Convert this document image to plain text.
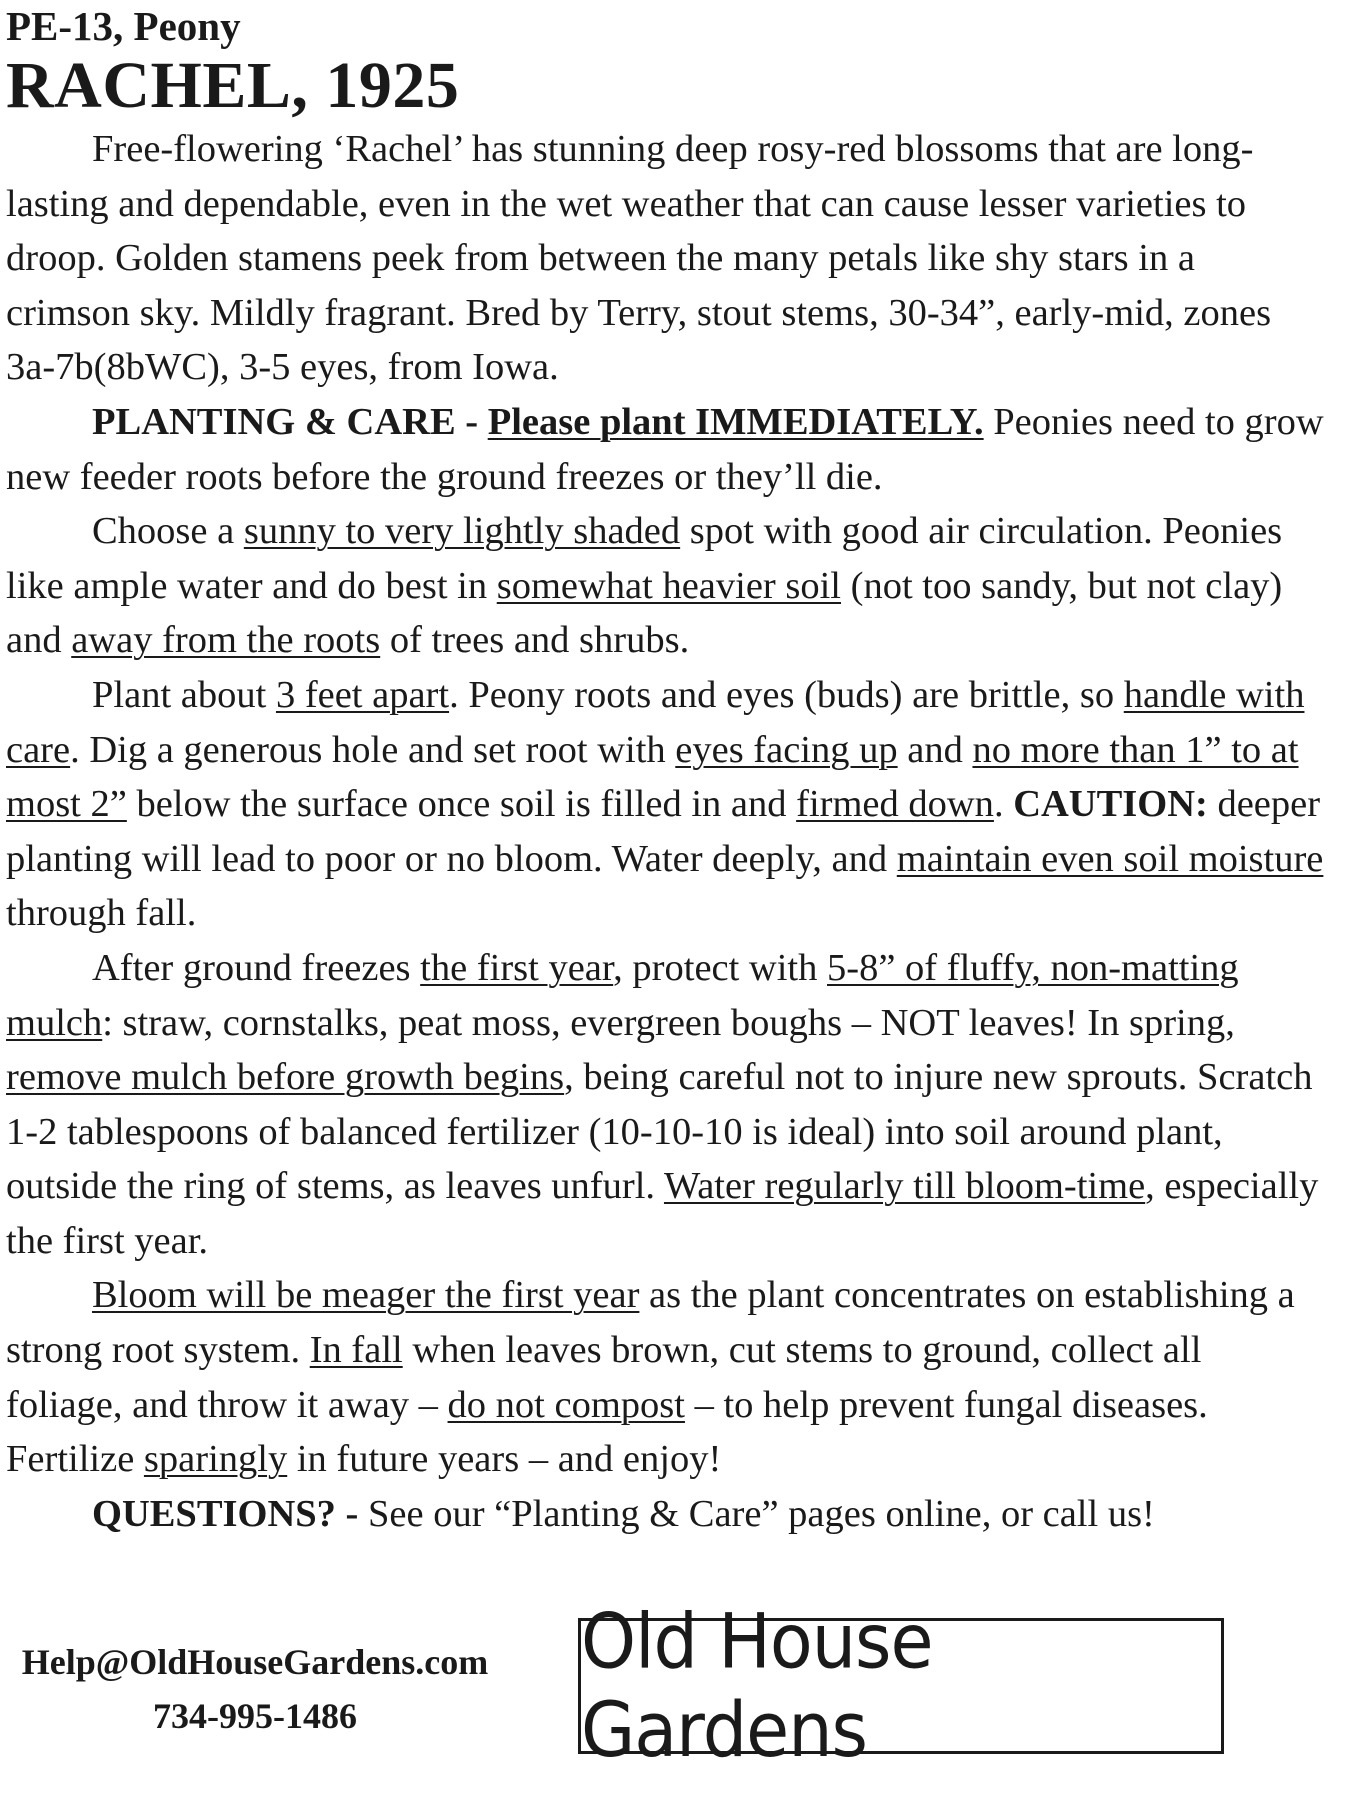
PE-13, Peony
RACHEL, 1925

Free-flowering ‘Rachel’ has stunning deep rosy-red blossoms that are long-lasting and dependable, even in the wet weather that can cause lesser varieties to droop. Golden stamens peek from between the many petals like shy stars in a crimson sky. Mildly fragrant. Bred by Terry, stout stems, 30-34”, early-mid, zones 3a-7b(8bWC), 3-5 eyes, from Iowa.

PLANTING & CARE - Please plant IMMEDIATELY. Peonies need to grow new feeder roots before the ground freezes or they’ll die.

Choose a sunny to very lightly shaded spot with good air circulation. Peonies like ample water and do best in somewhat heavier soil (not too sandy, but not clay) and away from the roots of trees and shrubs.

Plant about 3 feet apart. Peony roots and eyes (buds) are brittle, so handle with care. Dig a generous hole and set root with eyes facing up and no more than 1” to at most 2” below the surface once soil is filled in and firmed down. CAUTION: deeper planting will lead to poor or no bloom. Water deeply, and maintain even soil moisture through fall.

After ground freezes the first year, protect with 5-8” of fluffy, non-matting mulch: straw, cornstalks, peat moss, evergreen boughs – NOT leaves! In spring, remove mulch before growth begins, being careful not to injure new sprouts. Scratch 1-2 tablespoons of balanced fertilizer (10-10-10 is ideal) into soil around plant, outside the ring of stems, as leaves unfurl. Water regularly till bloom-time, especially the first year.

Bloom will be meager the first year as the plant concentrates on establishing a strong root system. In fall when leaves brown, cut stems to ground, collect all foliage, and throw it away – do not compost – to help prevent fungal diseases. Fertilize sparingly in future years – and enjoy!

QUESTIONS? - See our “Planting & Care” pages online, or call us!

Help@OldHouseGardens.com
734-995-1486
Old House Gardens
